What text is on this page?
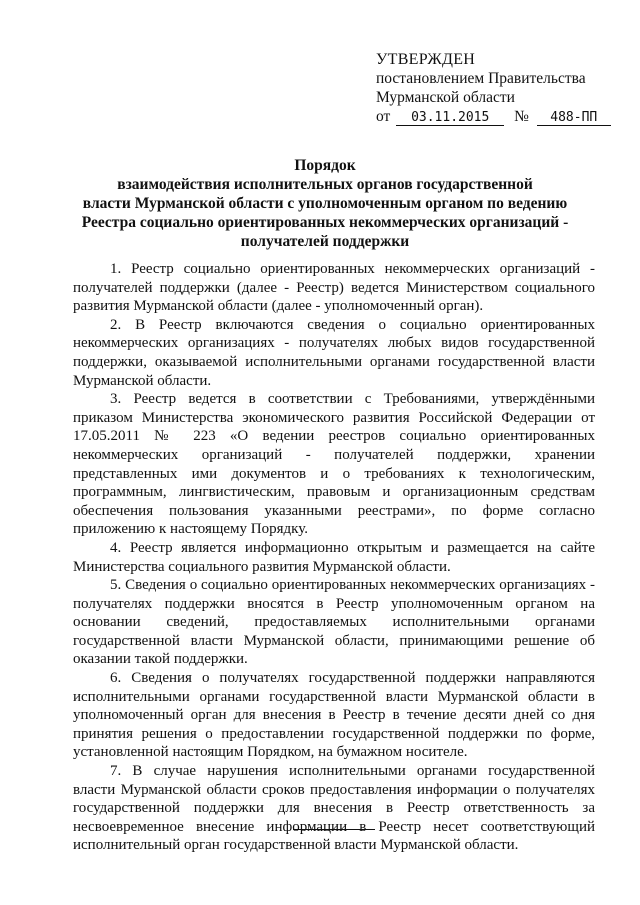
УТВЕРЖДЕН
постановлением Правительства
Мурманской области
от 03.11.2015 № 488-ПП
Порядок
взаимодействия исполнительных органов государственной
власти Мурманской области с уполномоченным органом по ведению
Реестра социально ориентированных некоммерческих организаций -
получателей поддержки

1. Реестр социально ориентированных некоммерческих организаций - получателей поддержки (далее - Реестр) ведется Министерством социального развития Мурманской области (далее - уполномоченный орган).

2. В Реестр включаются сведения о социально ориентированных некоммерческих организациях - получателях любых видов государственной поддержки, оказываемой исполнительными органами государственной власти Мурманской области.

3. Реестр ведется в соответствии с Требованиями, утверждёнными приказом Министерства экономического развития Российской Федерации от 17.05.2011 № 223 «О ведении реестров социально ориентированных некоммерческих организаций - получателей поддержки, хранении представленных ими документов и о требованиях к технологическим, программным, лингвистическим, правовым и организационным средствам обеспечения пользования указанными реестрами», по форме согласно приложению к настоящему Порядку.

4. Реестр является информационно открытым и размещается на сайте Министерства социального развития Мурманской области.

5. Сведения о социально ориентированных некоммерческих организациях - получателях поддержки вносятся в Реестр уполномоченным органом на основании сведений, предоставляемых исполнительными органами государственной власти Мурманской области, принимающими решение об оказании такой поддержки.

6. Сведения о получателях государственной поддержки направляются исполнительными органами государственной власти Мурманской области в уполномоченный орган для внесения в Реестр в течение десяти дней со дня принятия решения о предоставлении государственной поддержки по форме, установленной настоящим Порядком, на бумажном носителе.

7. В случае нарушения исполнительными органами государственной власти Мурманской области сроков предоставления информации о получателях государственной поддержки для внесения в Реестр ответственность за несвоевременное внесение информации в Реестр несет соответствующий исполнительный орган государственной власти Мурманской области.
